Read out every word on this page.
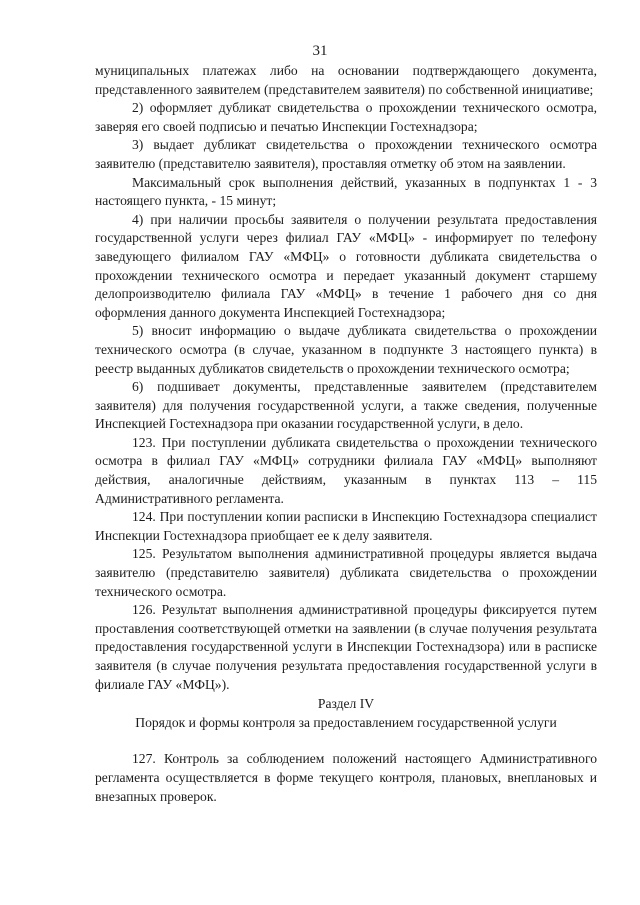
31

муниципальных платежах либо на основании подтверждающего документа, представленного заявителем (представителем заявителя) по собственной инициативе;

2) оформляет дубликат свидетельства о прохождении технического осмотра, заверяя его своей подписью и печатью Инспекции Гостехнадзора;

3) выдает дубликат свидетельства о прохождении технического осмотра заявителю (представителю заявителя), проставляя отметку об этом на заявлении.

Максимальный срок выполнения действий, указанных в подпунктах 1 - 3 настоящего пункта, - 15 минут;

4) при наличии просьбы заявителя о получении результата предоставления государственной услуги через филиал ГАУ «МФЦ» - информирует по телефону заведующего филиалом ГАУ «МФЦ» о готовности дубликата свидетельства о прохождении технического осмотра и передает указанный документ старшему делопроизводителю филиала ГАУ «МФЦ» в течение 1 рабочего дня со дня оформления данного документа Инспекцией Гостехнадзора;

5) вносит информацию о выдаче дубликата свидетельства о прохождении технического осмотра (в случае, указанном в подпункте 3 настоящего пункта) в реестр выданных дубликатов свидетельств о прохождении технического осмотра;

6) подшивает документы, представленные заявителем (представителем заявителя) для получения государственной услуги, а также сведения, полученные Инспекцией Гостехнадзора при оказании государственной услуги, в дело.

123. При поступлении дубликата свидетельства о прохождении технического осмотра в филиал ГАУ «МФЦ» сотрудники филиала ГАУ «МФЦ» выполняют действия, аналогичные действиям, указанным в пунктах 113 – 115 Административного регламента.

124. При поступлении копии расписки в Инспекцию Гостехнадзора специалист Инспекции Гостехнадзора приобщает ее к делу заявителя.

125. Результатом выполнения административной процедуры является выдача заявителю (представителю заявителя) дубликата свидетельства о прохождении технического осмотра.

126. Результат выполнения административной процедуры фиксируется путем проставления соответствующей отметки на заявлении (в случае получения результата предоставления государственной услуги в Инспекции Гостехнадзора) или в расписке заявителя (в случае получения результата предоставления государственной услуги в филиале ГАУ «МФЦ»).

Раздел IV

Порядок и формы контроля за предоставлением государственной услуги

127. Контроль за соблюдением положений настоящего Административного регламента осуществляется в форме текущего контроля, плановых, внеплановых и внезапных проверок.
